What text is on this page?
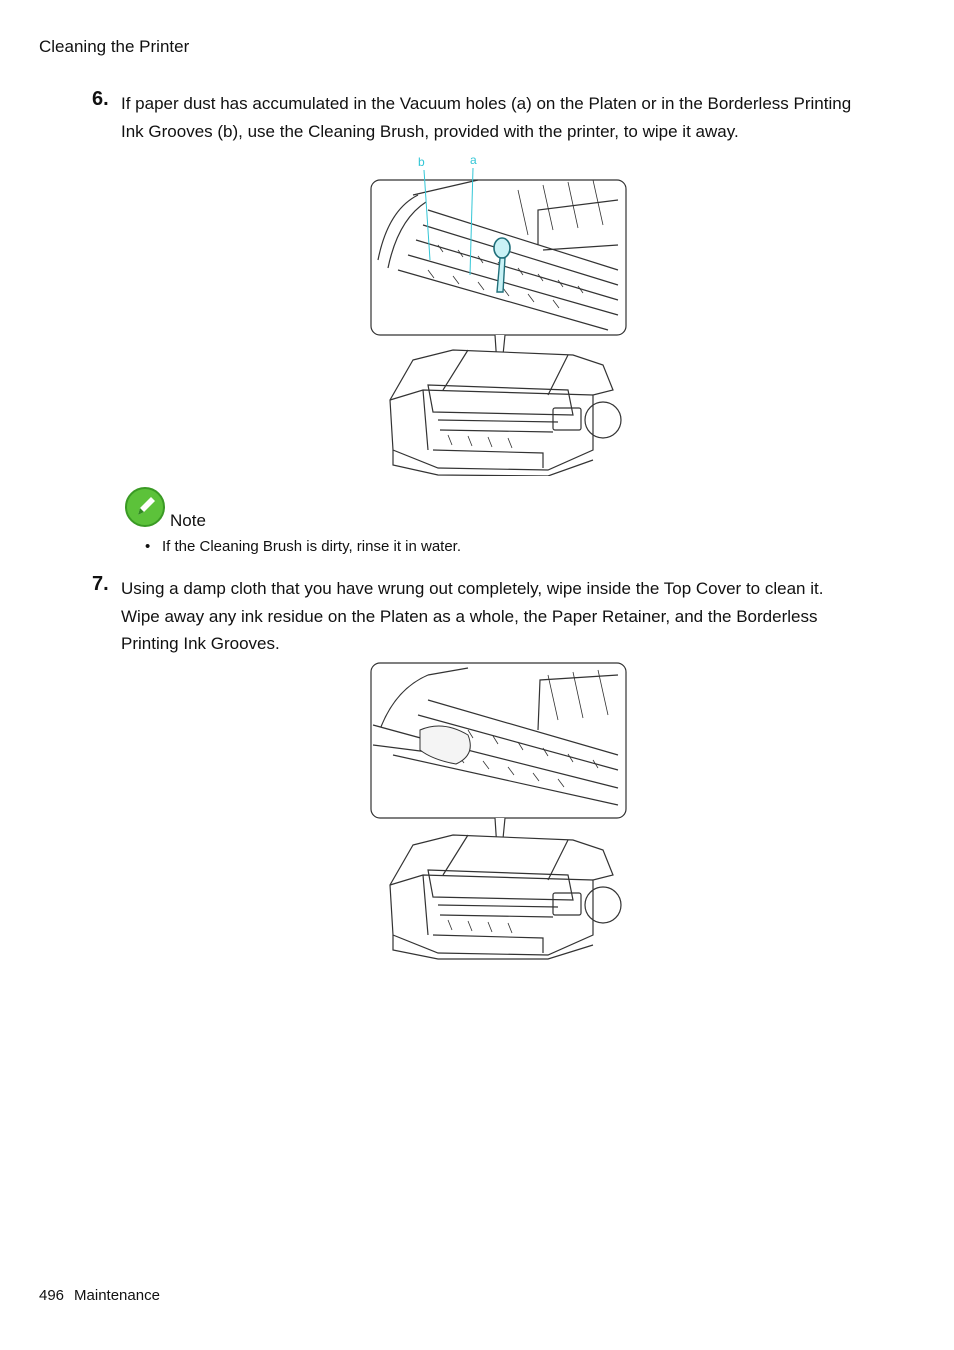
Cleaning the Printer
6. If paper dust has accumulated in the Vacuum holes (a) on the Platen or in the Borderless Printing
Ink Grooves (b), use the Cleaning Brush, provided with the printer, to wipe it away.
b	a
Note
• If the Cleaning Brush is dirty, rinse it in water.
7. Using a damp cloth that you have wrung out completely, wipe inside the Top Cover to clean it.
Wipe away any ink residue on the Platen as a whole, the Paper Retainer, and the Borderless
Printing Ink Grooves.
496 Maintenance
